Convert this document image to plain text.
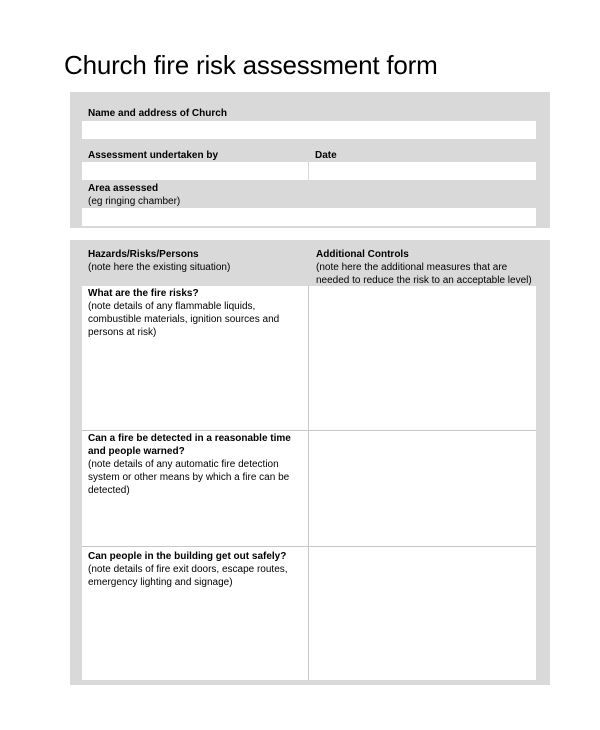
Church fire risk assessment form
Name and address of Church
Assessment undertaken by	Date
Area assessed
(eg ringing chamber)
Hazards/Risks/Persons
(note here the existing situation)
Additional Controls
(note here the additional measures that are
needed to reduce the risk to an acceptable level)
What are the fire risks?
(note details of any flammable liquids,
combustible materials, ignition sources and
persons at risk)
Can a fire be detected in a reasonable time
and people warned?
(note details of any automatic fire detection
system or other means by which a fire can be
detected)
Can people in the building get out safely?
(note details of fire exit doors, escape routes,
emergency lighting and signage)
